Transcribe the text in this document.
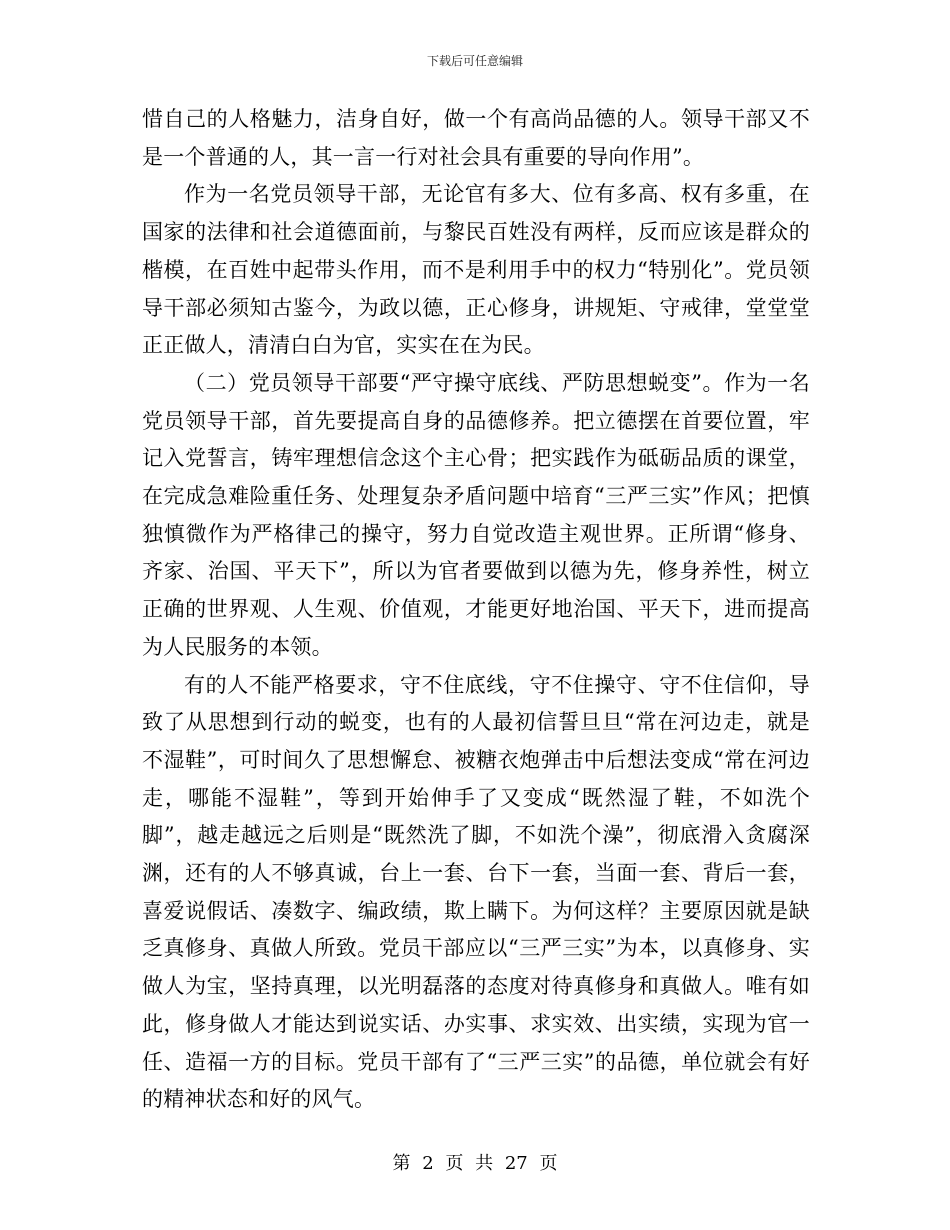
下载后可任意编辑

惜自己的人格魅力，洁身自好，做一个有高尚品德的人。领导干部又不是一个普通的人，其一言一行对社会具有重要的导向作用”。

作为一名党员领导干部，无论官有多大、位有多高、权有多重，在国家的法律和社会道德面前，与黎民百姓没有两样，反而应该是群众的楷模，在百姓中起带头作用，而不是利用手中的权力“特别化”。党员领导干部必须知古鉴今，为政以德，正心修身，讲规矩、守戒律，堂堂堂正正做人，清清白白为官，实实在在为民。

（二）党员领导干部要“严守操守底线、严防思想蜕变”。作为一名党员领导干部，首先要提高自身的品德修养。把立德摆在首要位置，牢记入党誓言，铸牢理想信念这个主心骨；把实践作为砥砺品质的课堂，在完成急难险重任务、处理复杂矛盾问题中培育“三严三实”作风；把慎独慎微作为严格律己的操守，努力自觉改造主观世界。正所谓“修身、齐家、治国、平天下”，所以为官者要做到以德为先，修身养性，树立正确的世界观、人生观、价值观，才能更好地治国、平天下，进而提高为人民服务的本领。

有的人不能严格要求，守不住底线，守不住操守、守不住信仰，导致了从思想到行动的蜕变，也有的人最初信誓旦旦“常在河边走，就是不湿鞋”，可时间久了思想懈怠、被糖衣炮弹击中后想法变成“常在河边走，哪能不湿鞋”，等到开始伸手了又变成“既然湿了鞋，不如洗个脚”，越走越远之后则是“既然洗了脚，不如洗个澡”，彻底滑入贪腐深渊，还有的人不够真诚，台上一套、台下一套，当面一套、背后一套，喜爱说假话、凑数字、编政绩，欺上瞒下。为何这样？主要原因就是缺乏真修身、真做人所致。党员干部应以“三严三实”为本，以真修身、实做人为宝，坚持真理，以光明磊落的态度对待真修身和真做人。唯有如此，修身做人才能达到说实话、办实事、求实效、出实绩，实现为官一任、造福一方的目标。党员干部有了“三严三实”的品德，单位就会有好的精神状态和好的风气。

第 2 页 共 27 页
